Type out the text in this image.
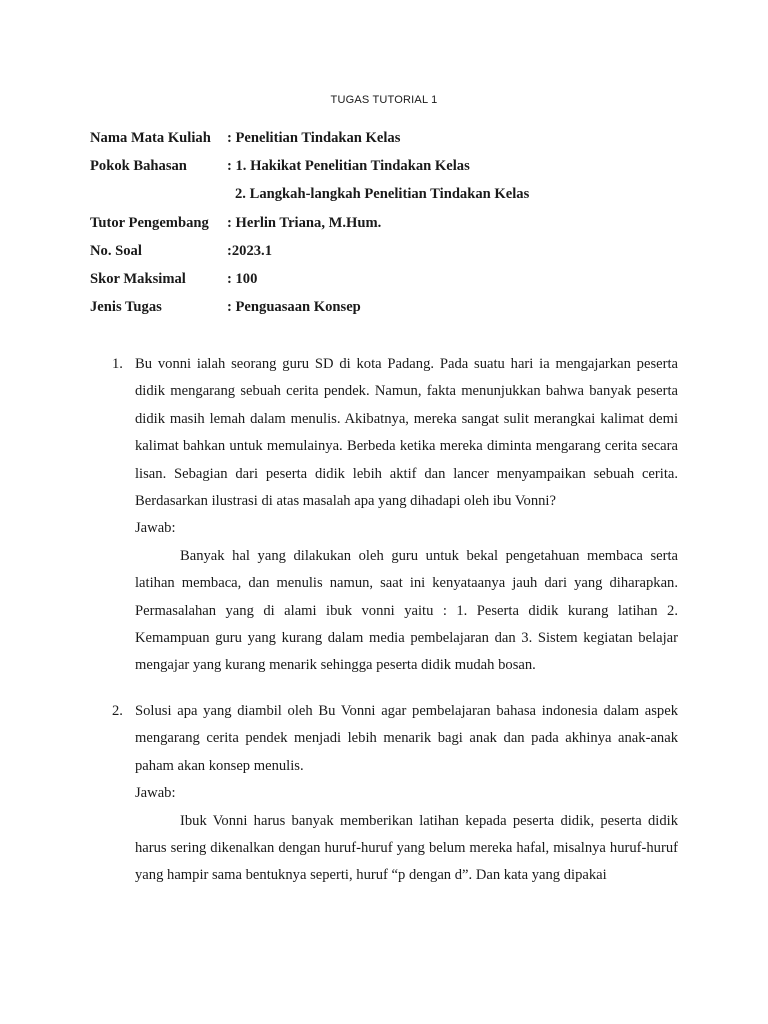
TUGAS TUTORIAL 1
Nama Mata Kuliah	: Penelitian Tindakan Kelas
Pokok Bahasan	: 1. Hakikat Penelitian Tindakan Kelas
2. Langkah-langkah Penelitian Tindakan Kelas
Tutor Pengembang	: Herlin Triana, M.Hum.
No. Soal	:2023.1
Skor Maksimal	: 100
Jenis Tugas	: Penguasaan Konsep
1. Bu vonni ialah seorang guru SD di kota Padang. Pada suatu hari ia mengajarkan peserta didik mengarang sebuah cerita pendek. Namun, fakta menunjukkan bahwa banyak peserta didik masih lemah dalam menulis. Akibatnya, mereka sangat sulit merangkai kalimat demi kalimat bahkan untuk memulainya. Berbeda ketika mereka diminta mengarang cerita secara lisan. Sebagian dari peserta didik lebih aktif dan lancer menyampaikan sebuah cerita. Berdasarkan ilustrasi di atas masalah apa yang dihadapi oleh ibu Vonni?
Jawab:
Banyak hal yang dilakukan oleh guru untuk bekal pengetahuan membaca serta latihan membaca, dan menulis namun, saat ini kenyataanya jauh dari yang diharapkan. Permasalahan yang di alami ibuk vonni yaitu : 1. Peserta didik kurang latihan 2. Kemampuan guru yang kurang dalam media pembelajaran dan 3. Sistem kegiatan belajar mengajar yang kurang menarik sehingga peserta didik mudah bosan.
2. Solusi apa yang diambil oleh Bu Vonni agar pembelajaran bahasa indonesia dalam aspek mengarang cerita pendek menjadi lebih menarik bagi anak dan pada akhinya anak-anak paham akan konsep menulis.
Jawab:
Ibuk Vonni harus banyak memberikan latihan kepada peserta didik, peserta didik harus sering dikenalkan dengan huruf-huruf yang belum mereka hafal, misalnya huruf-huruf yang hampir sama bentuknya seperti, huruf “p dengan d”. Dan kata yang dipakai
